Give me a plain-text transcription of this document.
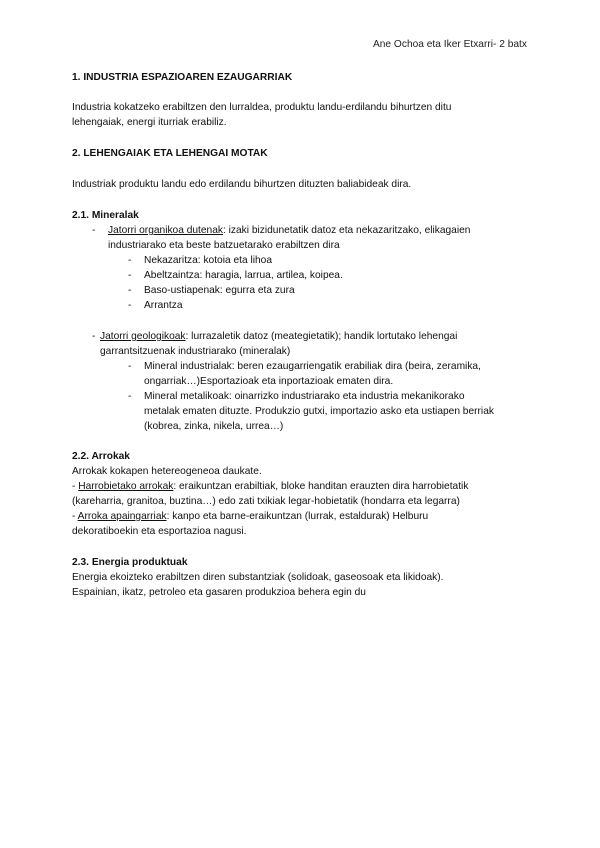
Ane Ochoa eta Iker Etxarri- 2 batx
1. INDUSTRIA ESPAZIOAREN EZAUGARRIAK
Industria kokatzeko erabiltzen den lurraldea, produktu landu-erdilandu bihurtzen ditu
lehengaiak, energi iturriak erabiliz.
2. LEHENGAIAK ETA LEHENGAI MOTAK
Industriak produktu landu edo erdilandu bihurtzen dituzten baliabideak dira.
2.1. Mineralak
- Jatorri organikoa dutenak: izaki bizidunetatik datoz eta nekazaritzako, elikagaien
industriarako eta beste batzuetarako erabiltzen dira
- Nekazaritza: kotoia eta lihoa
- Abeltzaintza: haragia, larrua, artilea, koipea.
- Baso-ustiapenak: egurra eta zura
- Arrantza
- Jatorri geologikoak: lurrazaletik datoz (meategietatik); handik lortutako lehengai
garrantsitzuenak industriarako (mineralak)
- Mineral industrialak: beren ezaugarriengatik erabiliak dira (beira, zeramika,
ongarriak…)Esportazioak eta inportazioak ematen dira.
- Mineral metalikoak: oinarrizko industriarako eta industria mekanikorako
metalak ematen dituzte. Produkzio gutxi, importazio asko eta ustiapen berriak
(kobrea, zinka, nikela, urrea…)
2.2. Arrokak
Arrokak kokapen hetereogeneoa daukate.
- Harrobietako arrokak: eraikuntzan erabiltiak, bloke handitan erauzten dira harrobietatik
(kareharria, granitoa, buztina…) edo zati txikiak legar-hobietatik (hondarra eta legarra)
- Arroka apaingarriak: kanpo eta barne-eraikuntzan (lurrak, estaldurak) Helburu
dekoratiboekin eta esportazioa nagusi.
2.3. Energia produktuak
Energia ekoizteko erabiltzen diren substantziak (solidoak, gaseosoak eta likidoak).
Espainian, ikatz, petroleo eta gasaren produkzioa behera egin du
